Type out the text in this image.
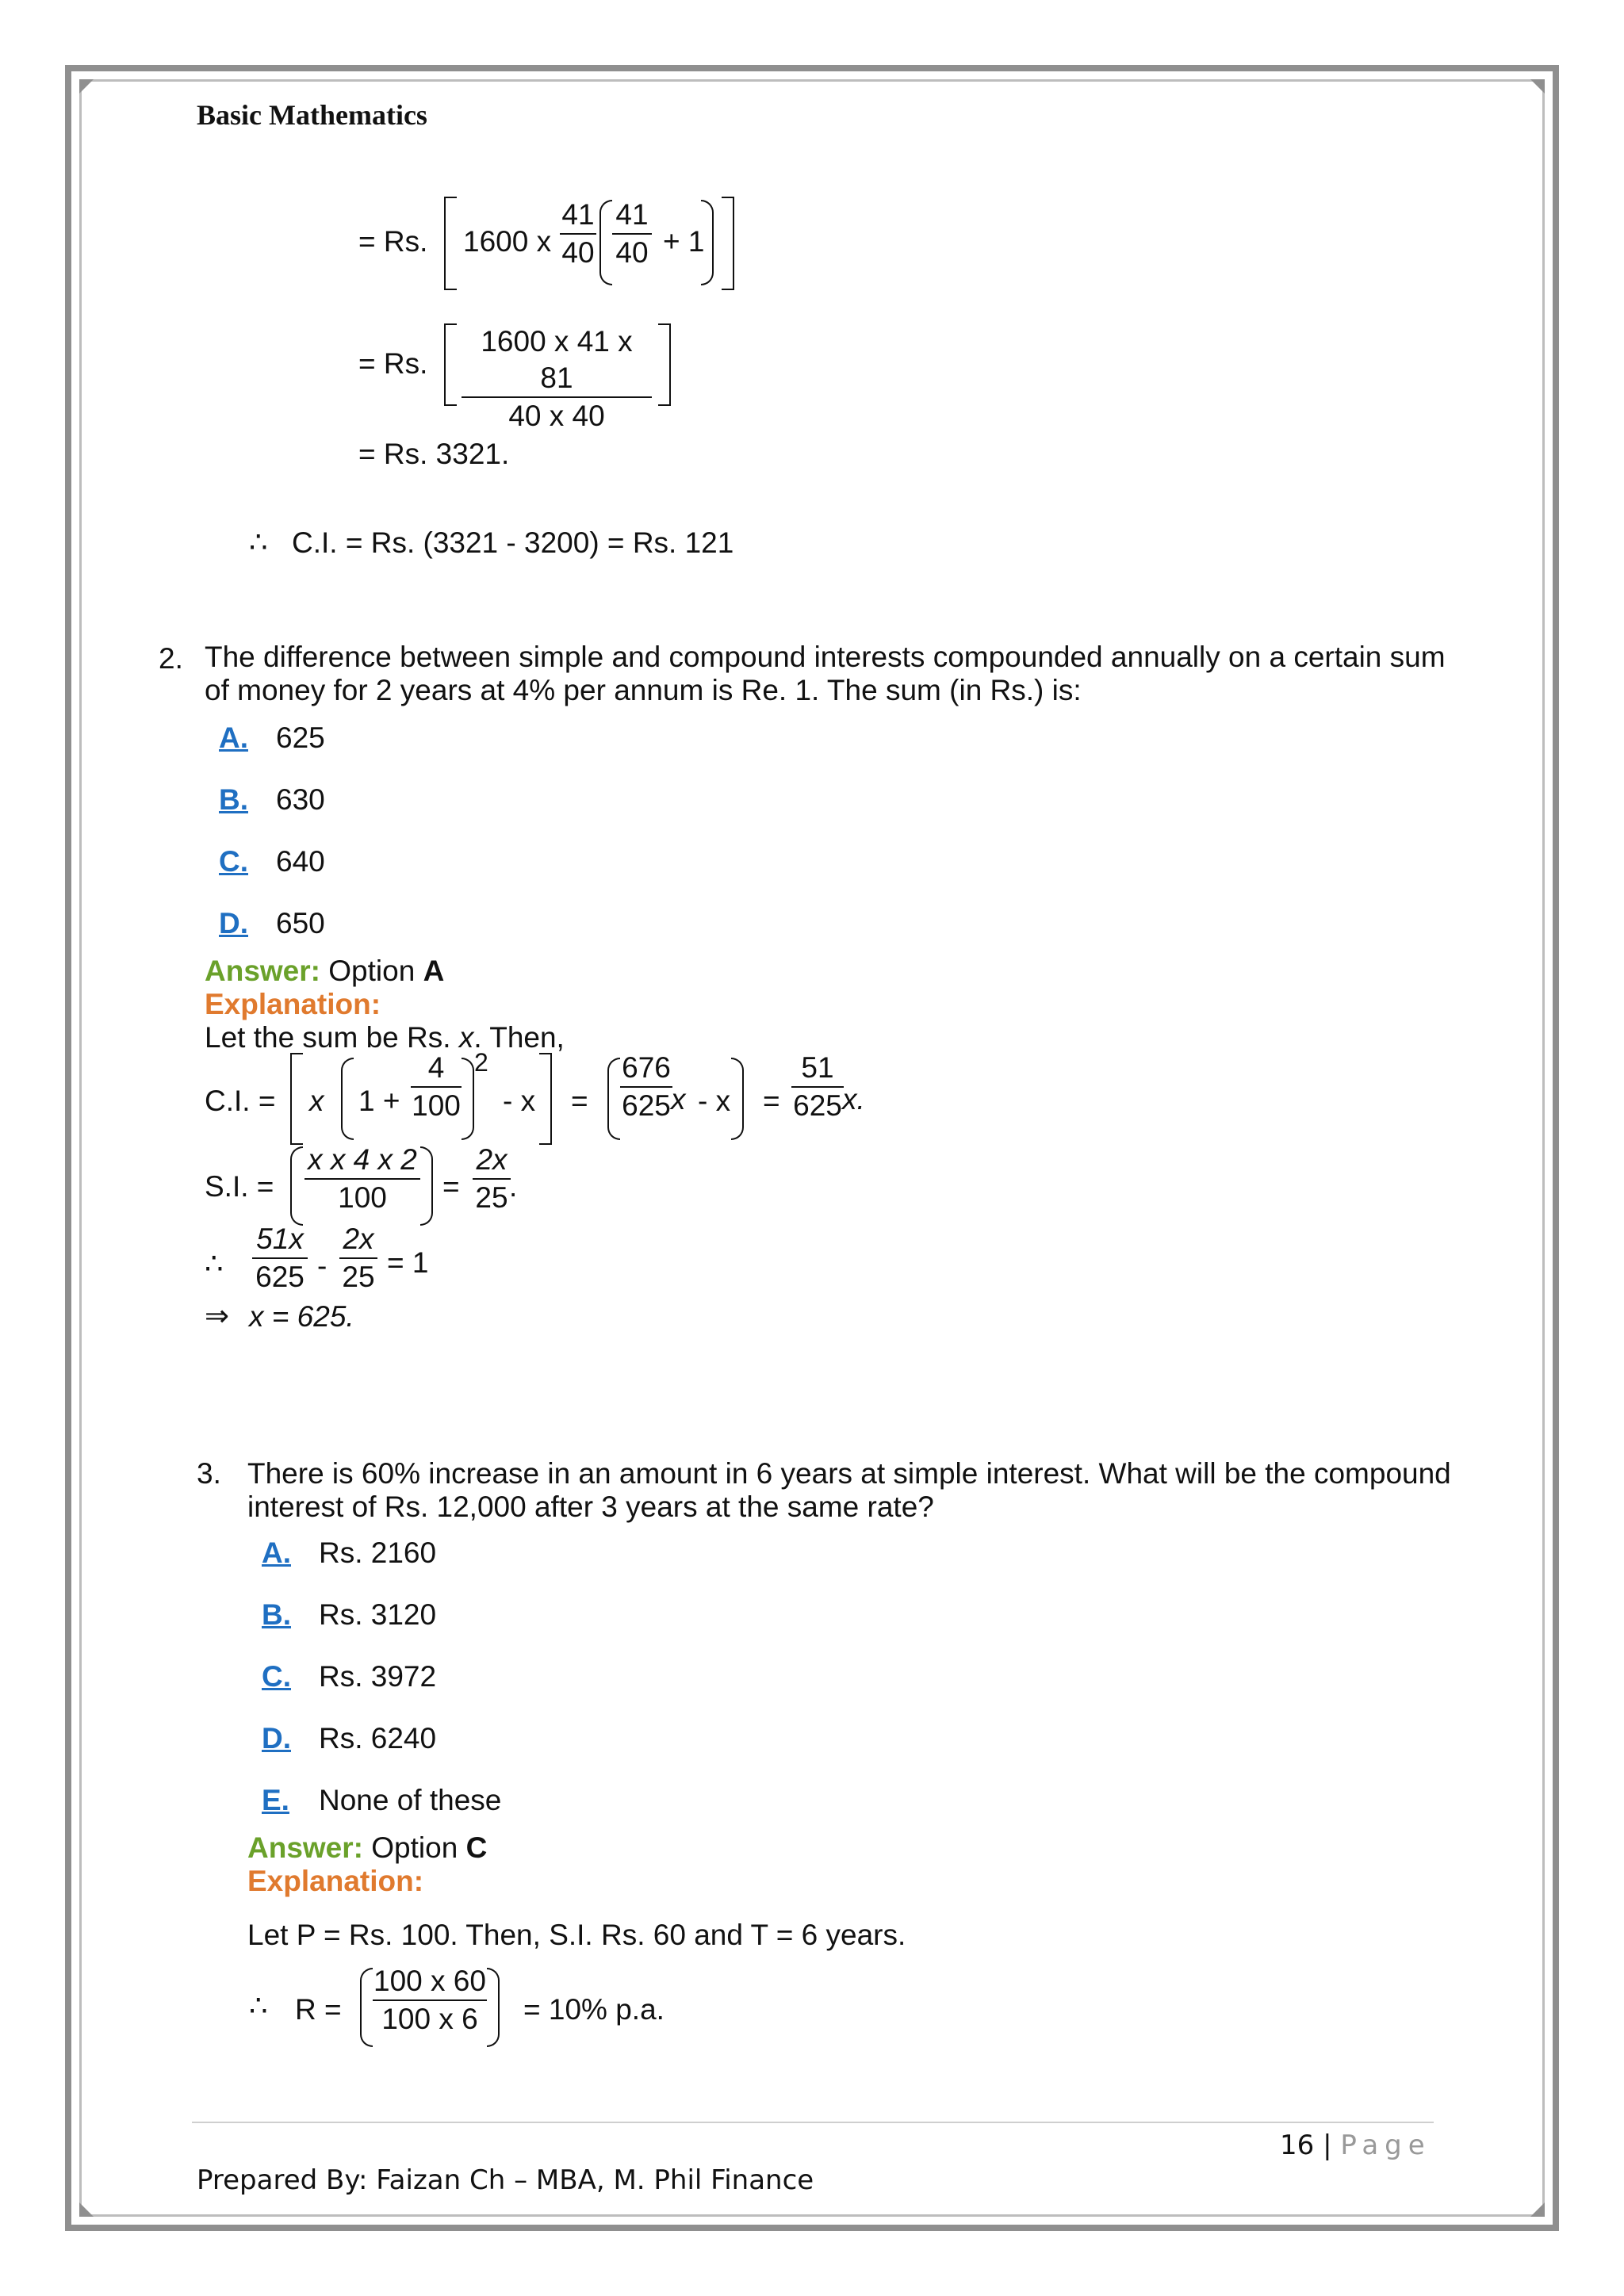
Basic Mathematics
= Rs. 1600 x
41
40
41
40 + 1
= Rs.
1600 x 41 x 81
40 x 40
= Rs. 3321.
∴ C.I. = Rs. (3321 - 3200) = Rs. 121
2. The difference between simple and compound interests compounded annually on a certain sum
of money for 2 years at 4% per annum is Re. 1. The sum (in Rs.) is:
A. 625
B. 630
C. 640
D. 650
Answer: Option A
Explanation:
Let the sum be Rs. x. Then,
C.I. = x 1 +
4
100
2
- x =
676
625 x - x =
51
625 x.
S.I. =
x x 4 x 2
100	=
2x
25 .
∴
51x
625 -
2x
25 = 1
⇒ x = 625.
3. There is 60% increase in an amount in 6 years at simple interest. What will be the compound
interest of Rs. 12,000 after 3 years at the same rate?
A. Rs. 2160
B. Rs. 3120
C. Rs. 3972
D. Rs. 6240
E. None of these
Answer: Option C
Explanation:
Let P = Rs. 100. Then, S.I. Rs. 60 and T = 6 years.
∴ R =
100 x 60
100 x 6	= 10% p.a.
16 | Page
Prepared By: Faizan Ch – MBA, M. Phil Finance
